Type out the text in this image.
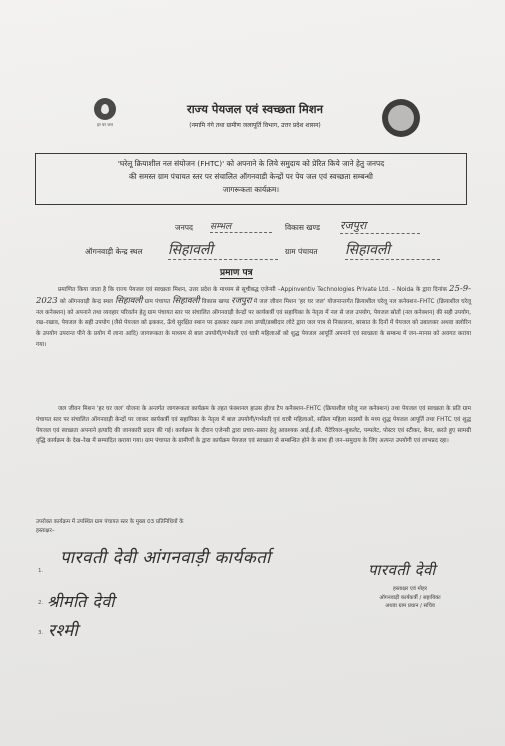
हर घर जल
राज्य पेयजल एवं स्वच्छता मिशन
(नमामि गंगे तथा ग्रामीण जलापूर्ति विभाग, उत्तर प्रदेश शासन)
'घरेलू क्रियाशील नल संयोजन (FHTC)' को अपनाने के लिये समुदाय को प्रेरित किये जाने हेतु जनपद
की समस्त ग्राम पंचायत स्तर पर संचालित ऑगनवाडी केन्द्रों पर पेय जल एवं स्वच्छता सम्बन्धी
जागरूकता कार्यक्रम।
जनपद सम्भल	विकास खण्ड रजपुरा
ऑगनवाड़ी केन्द्र स्थल सिहावली	ग्राम पंचायत सिहावली
प्रमाण पत्र
प्रमाणित किया जाता है कि राज्य पेयजल एवं स्वच्छता मिशन, उत्तर प्रदेश के माध्यम से सूचीबद्ध एजेन्सी –Appinventiv Technologies Private Ltd. – Noida के द्वारा दिनांक 25-9-2023 को ऑगनवाड़ी केन्द्र स्थल सिहावली ग्राम पंचायत सिहावली विकास खण्ड रजपुरा में जल जीवन मिशन 'हर घर जल' योजनान्तर्गत क्रियाशील घरेलू नल कनेक्शन–FHTC (क्रियाशील घरेलू नल कनेक्शन) को अपनाने तथा व्यवहार परिवर्तन हेतु ग्राम पंचायत स्तर पर संचालित ऑगनवाड़ी केन्द्रों पर कार्यकर्त्री एवं सहायिका के नेतृत्व में नल से जल उपयोग, पेयजल स्रोतों (नल कनेक्शन) की सही उपयोग, रख–रखाव, पेयजल के सही उपयोग (जैसे पेयजल को ढ़ककर, ऊँचे सुरक्षित स्थान पर ढ़ककर रखना तथा डण्डी/डब्बीदार लोटे द्वारा जल पात्र से निकालना, बरसात के दिनों में पेयजल को उबालकर अथवा क्लोरिन के उपयोग उपरान्त पीने के प्रयोग में लाना आदि) जागरूकता के माध्यम से बाल उपयोगी/गर्भवती एवं धात्री महिलाओं को शुद्ध पेयजल आपूर्ति अपनाने एवं स्वच्छता के सम्बन्ध में जन–मानस को अवगत कराया गया।
जल जीवन मिशन 'हर घर जल' योजना के अन्तर्गत जागरूकता कार्यक्रम के तहत फंक्शनल हाउस होल्ड टैप कनैक्शन–FHTC (क्रियाशील घरेलू नल कनेक्शन) तथा पेयजल एवं स्वच्छता के प्रति ग्राम पंचायत स्तर पर संचालित ऑगनवाड़ी केन्द्रों पर जाकर कार्यकर्त्री एवं सहायिका के नेतृत्व में बाल उपयोगी/गर्भवती एवं धात्री महिलाओं, सक्रिय महिला सदस्यों के मध्य शुद्ध पेयजल आपूर्ति तथा FHTC एवं शुद्ध पेयजल एवं स्वच्छता अपनाने इत्यादि की जानकारी प्रदान की गई। कार्यक्रम के दौरान एजेन्सी द्वारा प्रचार–प्रसार हेतु आवश्यक आई.ई.सी. मैटेरियल–बुकलेट, पम्पलेट, पोस्टर एवं स्टीकर, बैनर, करते हुए सामग्री वृद्धि कार्यक्रम के देख–रेख में सम्पादित कराया गया। ग्राम पंचायत के ग्रामीणों के द्वारा कार्यक्रम पेयजल एवं स्वच्छता से सम्बन्धित होने के साथ ही जन–समुदाय के लिए अत्यन्त उपयोगी एवं लाभप्रद रहा।
उपरोक्त कार्यक्रम में उपस्थित ग्राम पंचायत स्तर के मुख्य 03 प्रतिनिधियों के
हस्ताक्षर–
1.
पारवती देवी आंगनवाड़ी कार्यकर्ता
2. श्रीमति देवी
3. रश्मी
पारवती देवी
हस्ताक्षर एवं मोहर
ऑगनवाड़ी कार्यकर्त्री / सहायिका
अथवा ग्राम प्रधान / सचिव
